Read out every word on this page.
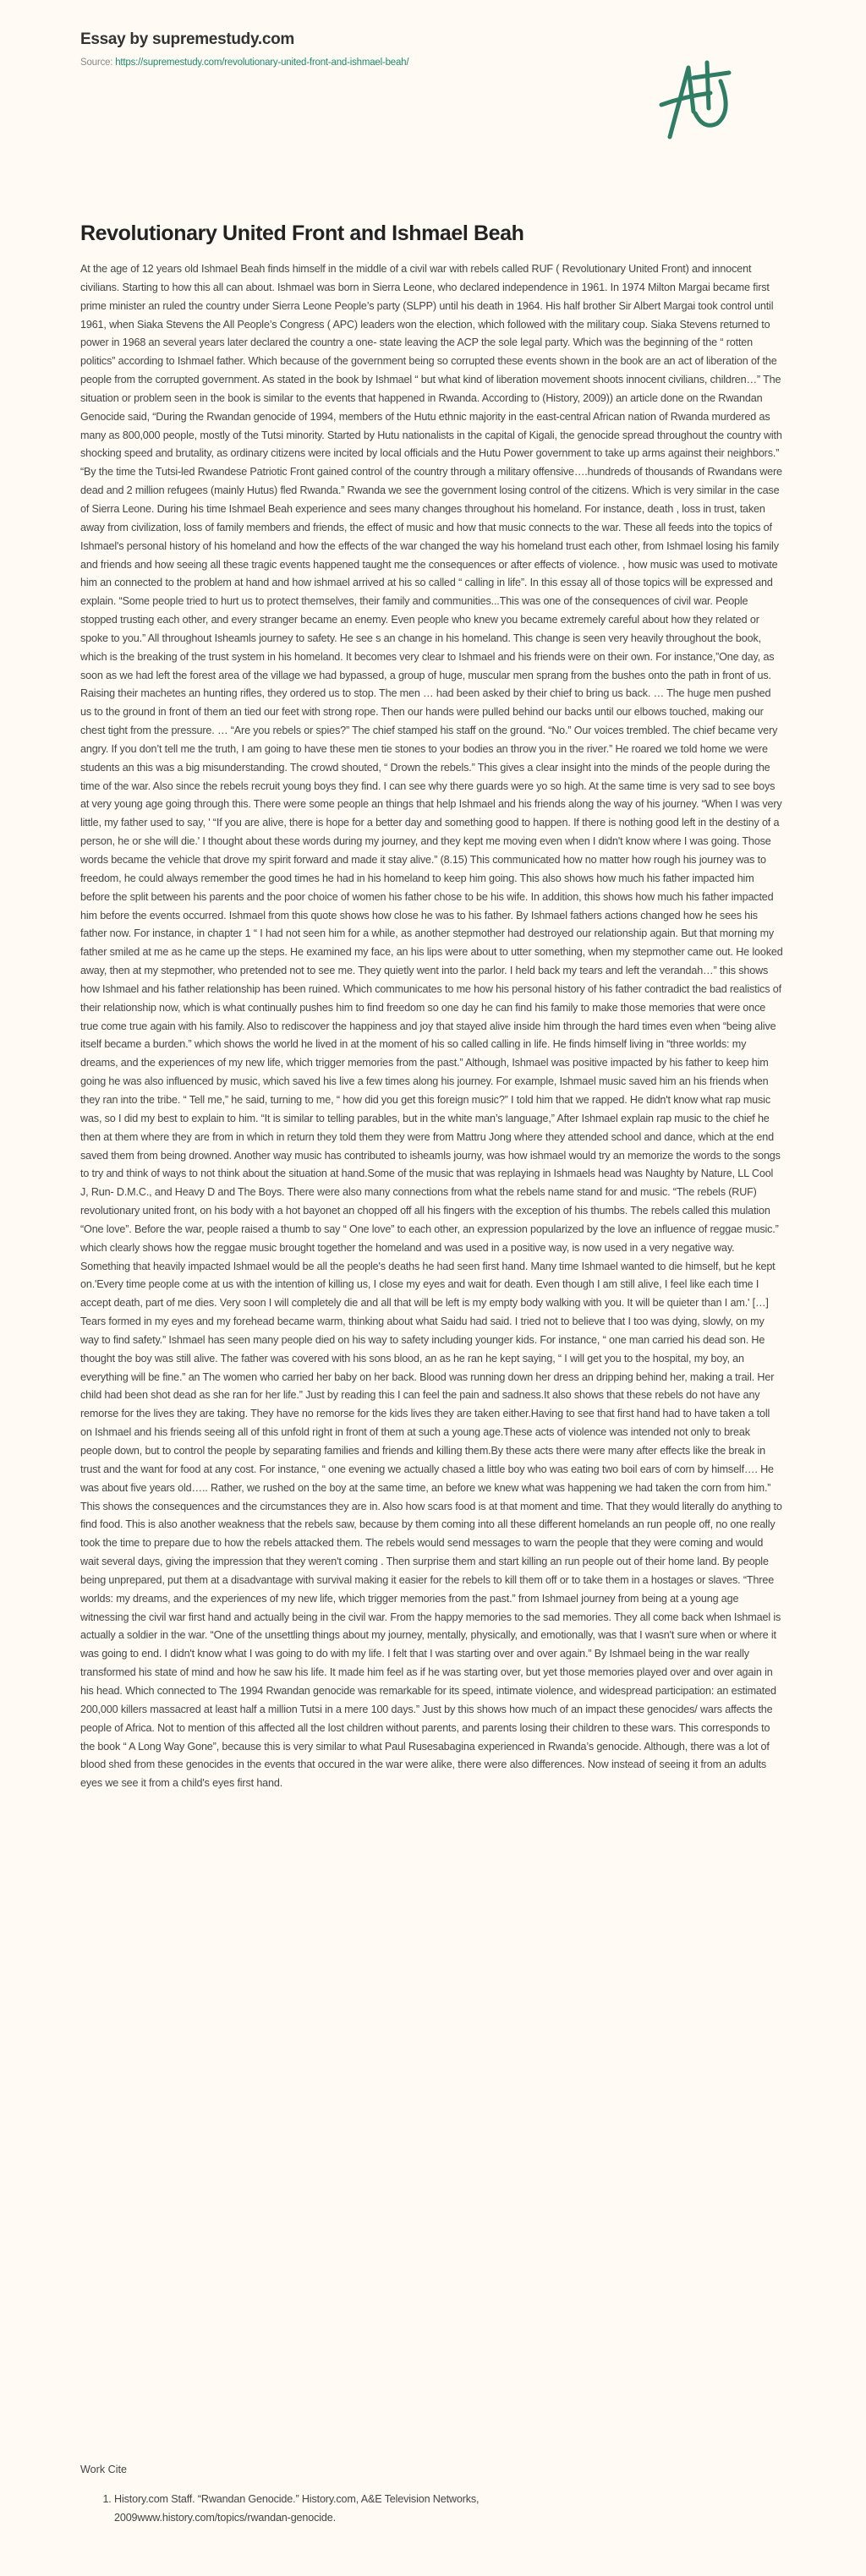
Essay by supremestudy.com
Source: https://supremestudy.com/revolutionary-united-front-and-ishmael-beah/
Revolutionary United Front and Ishmael Beah

At the age of 12 years old Ishmael Beah finds himself in the middle of a civil war with rebels called RUF ( Revolutionary United Front) and innocent civilians. Starting to how this all can about. Ishmael was born in Sierra Leone, who declared independence in 1961. In 1974 Milton Margai became first prime minister an ruled the country under Sierra Leone People’s party (SLPP) until his death in 1964. His half brother Sir Albert Margai took control until 1961, when Siaka Stevens the All People’s Congress ( APC) leaders won the election, which followed with the military coup. Siaka Stevens returned to power in 1968 an several years later declared the country a one- state leaving the ACP the sole legal party. Which was the beginning of the “ rotten politics” according to Ishmael father. Which because of the government being so corrupted these events shown in the book are an act of liberation of the people from the corrupted government. As stated in the book by Ishmael “ but what kind of liberation movement shoots innocent civilians, children…” The situation or problem seen in the book is similar to the events that happened in Rwanda. According to (History, 2009)) an article done on the Rwandan Genocide said, “During the Rwandan genocide of 1994, members of the Hutu ethnic majority in the east-central African nation of Rwanda murdered as many as 800,000 people, mostly of the Tutsi minority. Started by Hutu nationalists in the capital of Kigali, the genocide spread throughout the country with shocking speed and brutality, as ordinary citizens were incited by local officials and the Hutu Power government to take up arms against their neighbors.” “By the time the Tutsi-led Rwandese Patriotic Front gained control of the country through a military offensive….hundreds of thousands of Rwandans were dead and 2 million refugees (mainly Hutus) fled Rwanda.” Rwanda we see the government losing control of the citizens. Which is very similar in the case of Sierra Leone. During his time Ishmael Beah experience and sees many changes throughout his homeland. For instance, death , loss in trust, taken away from civilization, loss of family members and friends, the effect of music and how that music connects to the war. These all feeds into the topics of Ishmael's personal history of his homeland and how the effects of the war changed the way his homeland trust each other, from Ishmael losing his family and friends and how seeing all these tragic events happened taught me the consequences or after effects of violence. , how music was used to motivate him an connected to the problem at hand and how ishmael arrived at his so called “ calling in life”. In this essay all of those topics will be expressed and explain. “Some people tried to hurt us to protect themselves, their family and communities...This was one of the consequences of civil war. People stopped trusting each other, and every stranger became an enemy. Even people who knew you became extremely careful about how they related or spoke to you.” All throughout Isheamls journey to safety. He see s an change in his homeland. This change is seen very heavily throughout the book, which is the breaking of the trust system in his homeland. It becomes very clear to Ishmael and his friends were on their own. For instance,”One day, as soon as we had left the forest area of the village we had bypassed, a group of huge, muscular men sprang from the bushes onto the path in front of us. Raising their machetes an hunting rifles, they ordered us to stop. The men … had been asked by their chief to bring us back. … The huge men pushed us to the ground in front of them an tied our feet with strong rope. Then our hands were pulled behind our backs until our elbows touched, making our chest tight from the pressure. … “Are you rebels or spies?” The chief stamped his staff on the ground. “No.” Our voices trembled. The chief became very angry. If you don’t tell me the truth, I am going to have these men tie stones to your bodies an throw you in the river.” He roared we told home we were students an this was a big misunderstanding. The crowd shouted, “ Drown the rebels.” This gives a clear insight into the minds of the people during the time of the war. Also since the rebels recruit young boys they find. I can see why there guards were yo so high. At the same time is very sad to see boys at very young age going through this. There were some people an things that help Ishmael and his friends along the way of his journey. “When I was very little, my father used to say, ' “If you are alive, there is hope for a better day and something good to happen. If there is nothing good left in the destiny of a person, he or she will die.' I thought about these words during my journey, and they kept me moving even when I didn't know where I was going. Those words became the vehicle that drove my spirit forward and made it stay alive.” (8.15) This communicated how no matter how rough his journey was to freedom, he could always remember the good times he had in his homeland to keep him going. This also shows how much his father impacted him before the split between his parents and the poor choice of women his father chose to be his wife. In addition, this shows how much his father impacted him before the events occurred. Ishmael from this quote shows how close he was to his father. By Ishmael fathers actions changed how he sees his father now. For instance, in chapter 1 “ I had not seen him for a while, as another stepmother had destroyed our relationship again. But that morning my father smiled at me as he came up the steps. He examined my face, an his lips were about to utter something, when my stepmother came out. He looked away, then at my stepmother, who pretended not to see me. They quietly went into the parlor. I held back my tears and left the verandah…” this shows how Ishmael and his father relationship has been ruined. Which communicates to me how his personal history of his father contradict the bad realistics of their relationship now, which is what continually pushes him to find freedom so one day he can find his family to make those memories that were once true come true again with his family. Also to rediscover the happiness and joy that stayed alive inside him through the hard times even when “being alive itself became a burden.” which shows the world he lived in at the moment of his so called calling in life. He finds himself living in “three worlds: my dreams, and the experiences of my new life, which trigger memories from the past.” Although, Ishmael was positive impacted by his father to keep him going he was also influenced by music, which saved his live a few times along his journey. For example, Ishmael music saved him an his friends when they ran into the tribe. “ Tell me,” he said, turning to me, “ how did you get this foreign music?” I told him that we rapped. He didn't know what rap music was, so I did my best to explain to him. “It is similar to telling parables, but in the white man’s language,” After Ishmael explain rap music to the chief he then at them where they are from in which in return they told them they were from Mattru Jong where they attended school and dance, which at the end saved them from being drowned. Another way music has contributed to isheamls journy, was how ishmael would try an memorize the words to the songs to try and think of ways to not think about the situation at hand.Some of the music that was replaying in Ishmaels head was Naughty by Nature, LL Cool J, Run- D.M.C., and Heavy D and The Boys. There were also many connections from what the rebels name stand for and music. “The rebels (RUF) revolutionary united front, on his body with a hot bayonet an chopped off all his fingers with the exception of his thumbs. The rebels called this mulation “One love”. Before the war, people raised a thumb to say “ One love” to each other, an expression popularized by the love an influence of reggae music.” which clearly shows how the reggae music brought together the homeland and was used in a positive way, is now used in a very negative way. Something that heavily impacted Ishmael would be all the people's deaths he had seen first hand. Many time Ishmael wanted to die himself, but he kept on.'Every time people come at us with the intention of killing us, I close my eyes and wait for death. Even though I am still alive, I feel like each time I accept death, part of me dies. Very soon I will completely die and all that will be left is my empty body walking with you. It will be quieter than I am.' […] Tears formed in my eyes and my forehead became warm, thinking about what Saidu had said. I tried not to believe that I too was dying, slowly, on my way to find safety.” Ishmael has seen many people died on his way to safety including younger kids. For instance, “ one man carried his dead son. He thought the boy was still alive. The father was covered with his sons blood, an as he ran he kept saying, “ I will get you to the hospital, my boy, an everything will be fine.” an The women who carried her baby on her back. Blood was running down her dress an dripping behind her, making a trail. Her child had been shot dead as she ran for her life.” Just by reading this I can feel the pain and sadness.It also shows that these rebels do not have any remorse for the lives they are taking. They have no remorse for the kids lives they are taken either.Having to see that first hand had to have taken a toll on Ishmael and his friends seeing all of this unfold right in front of them at such a young age.These acts of violence was intended not only to break people down, but to control the people by separating families and friends and killing them.By these acts there were many after effects like the break in trust and the want for food at any cost. For instance, “ one evening we actually chased a little boy who was eating two boil ears of corn by himself…. He was about five years old….. Rather, we rushed on the boy at the same time, an before we knew what was happening we had taken the corn from him.” This shows the consequences and the circumstances they are in. Also how scars food is at that moment and time. That they would literally do anything to find food. This is also another weakness that the rebels saw, because by them coming into all these different homelands an run people off, no one really took the time to prepare due to how the rebels attacked them. The rebels would send messages to warn the people that they were coming and would wait several days, giving the impression that they weren't coming . Then surprise them and start killing an run people out of their home land. By people being unprepared, put them at a disadvantage with survival making it easier for the rebels to kill them off or to take them in a hostages or slaves. “Three worlds: my dreams, and the experiences of my new life, which trigger memories from the past.” from Ishmael journey from being at a young age witnessing the civil war first hand and actually being in the civil war. From the happy memories to the sad memories. They all come back when Ishmael is actually a soldier in the war. “One of the unsettling things about my journey, mentally, physically, and emotionally, was that I wasn't sure when or where it was going to end. I didn't know what I was going to do with my life. I felt that I was starting over and over again.” By Ishmael being in the war really transformed his state of mind and how he saw his life. It made him feel as if he was starting over, but yet those memories played over and over again in his head. Which connected to The 1994 Rwandan genocide was remarkable for its speed, intimate violence, and widespread participation: an estimated 200,000 killers massacred at least half a million Tutsi in a mere 100 days.” Just by this shows how much of an impact these genocides/ wars affects the people of Africa. Not to mention of this affected all the lost children without parents, and parents losing their children to these wars. This corresponds to the book “ A Long Way Gone”, because this is very similar to what Paul Rusesabagina experienced in Rwanda’s genocide. Although, there was a lot of blood shed from these genocides in the events that occured in the war were alike, there were also differences. Now instead of seeing it from an adults eyes we see it from a child's eyes first hand.

Work Cite
1. History.com Staff. “Rwandan Genocide.” History.com, A&E Television Networks, 2009www.history.com/topics/rwandan-genocide.
